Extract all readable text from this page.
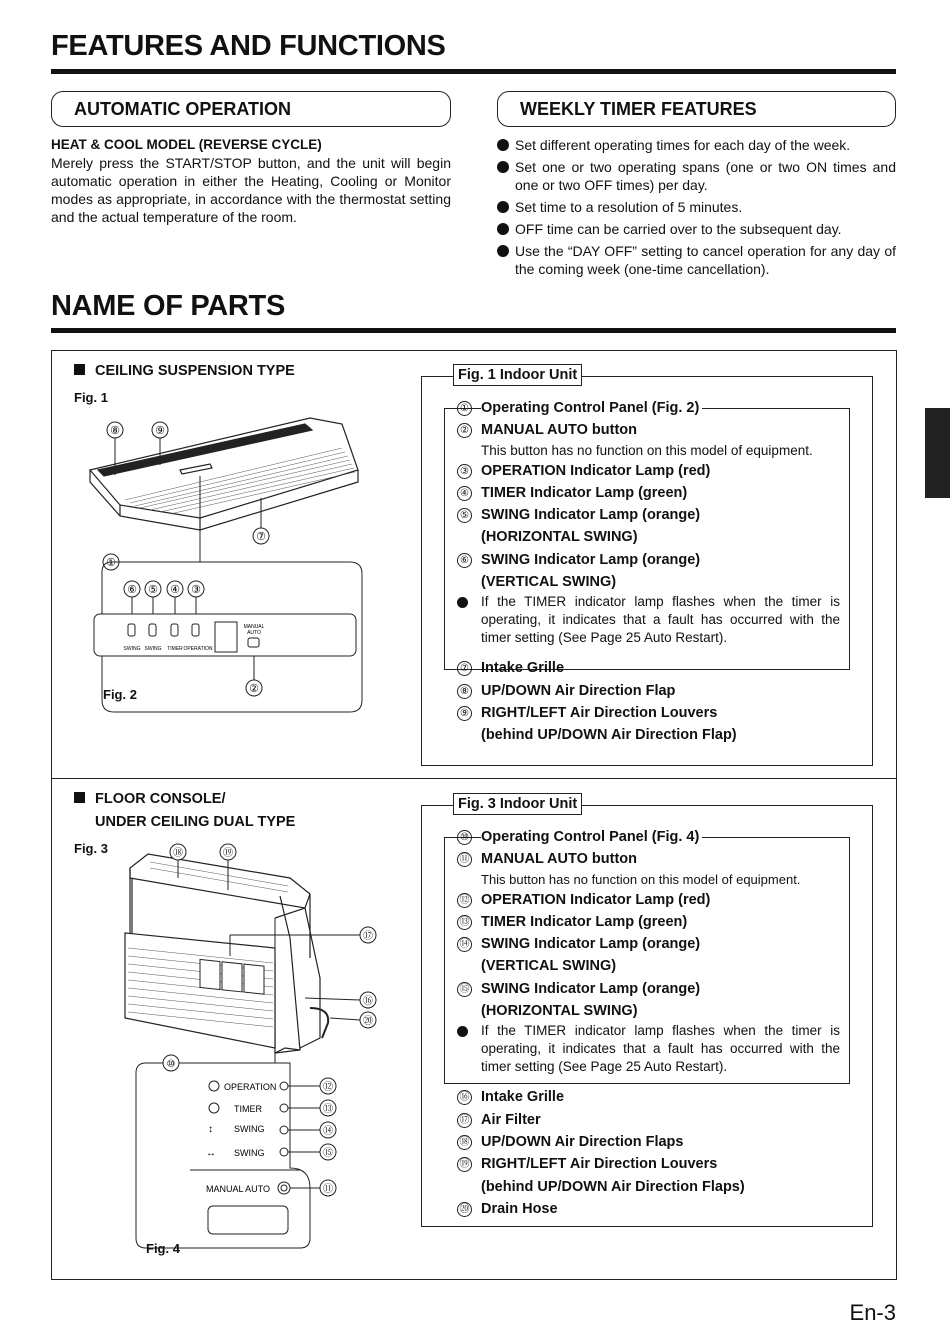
FEATURES AND FUNCTIONS
AUTOMATIC OPERATION	WEEKLY TIMER FEATURES
HEAT & COOL MODEL (REVERSE CYCLE)
Merely press the START/STOP button, and the unit will begin automatic operation in either the Heating, Cooling or Monitor modes as appropriate, in accordance with the thermostat setting and the actual temperature of the room.
Set different operating times for each day of the week.
Set one or two operating spans (one or two ON times and one or two OFF times) per day.
Set time to a resolution of 5 minutes.
OFF time can be carried over to the subsequent day.
Use the “DAY OFF” setting to cancel operation for any day of the coming week (one-time cancellation).
NAME OF PARTS
CEILING SUSPENSION TYPE
Fig. 1
⑧	⑨
⑦
①
⑥ ⑤ ④ ③
SWING SWING TIMER OPERATION
MANUAL
AUTO
②
Fig. 2
Fig. 1 Indoor Unit
① Operating Control Panel (Fig. 2)
② MANUAL AUTO button
This button has no function on this model of equipment.
③ OPERATION Indicator Lamp (red)
④ TIMER Indicator Lamp (green)
⑤ SWING Indicator Lamp (orange)
(HORIZONTAL SWING)
⑥ SWING Indicator Lamp (orange)
(VERTICAL SWING)
If the TIMER indicator lamp flashes when the timer is operating, it indicates that a fault has occurred with the timer setting (See Page 25 Auto Restart).
⑦ Intake Grille
⑧ UP/DOWN Air Direction Flap
⑨ RIGHT/LEFT Air Direction Louvers
(behind UP/DOWN Air Direction Flap)
FLOOR CONSOLE/
UNDER CEILING DUAL TYPE
Fig. 3	⑱	⑲
⑰
⑯
⑳
⑩
OPERATION	⑫
TIMER	⑬
↕ SWING	⑭
↔ SWING	⑮
MANUAL AUTO	⑪
Fig. 4
Fig. 3 Indoor Unit
⑩ Operating Control Panel (Fig. 4)
⑪ MANUAL AUTO button
This button has no function on this model of equipment.
⑫ OPERATION Indicator Lamp (red)
⑬ TIMER Indicator Lamp (green)
⑭ SWING Indicator Lamp (orange)
(VERTICAL SWING)
⑮ SWING Indicator Lamp (orange)
(HORIZONTAL SWING)
If the TIMER indicator lamp flashes when the timer is operating, it indicates that a fault has occurred with the timer setting (See Page 25 Auto Restart).
⑯ Intake Grille
⑰ Air Filter
⑱ UP/DOWN Air Direction Flaps
⑲ RIGHT/LEFT Air Direction Louvers
(behind UP/DOWN Air Direction Flaps)
⑳ Drain Hose
En-3
